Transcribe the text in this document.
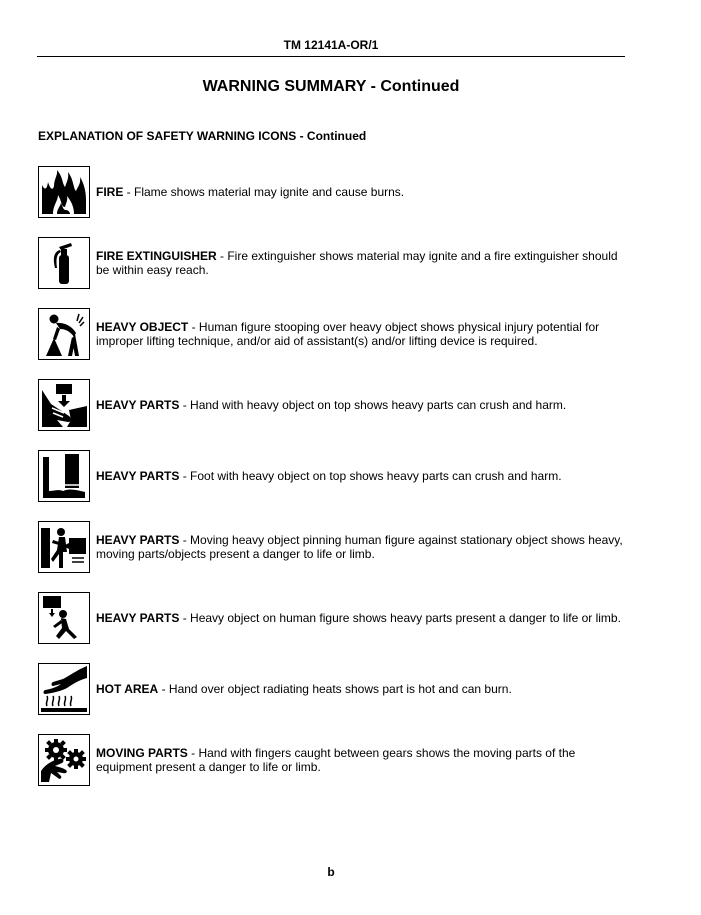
TM 12141A-OR/1
WARNING SUMMARY - Continued
EXPLANATION OF SAFETY WARNING ICONS - Continued

FIRE - Flame shows material may ignite and cause burns.

FIRE EXTINGUISHER - Fire extinguisher shows material may ignite and a fire extinguisher should be within easy reach.

HEAVY OBJECT - Human figure stooping over heavy object shows physical injury potential for improper lifting technique, and/or aid of assistant(s) and/or lifting device is required.

HEAVY PARTS - Hand with heavy object on top shows heavy parts can crush and harm.

HEAVY PARTS - Foot with heavy object on top shows heavy parts can crush and harm.

HEAVY PARTS - Moving heavy object pinning human figure against stationary object shows heavy, moving parts/objects present a danger to life or limb.

HEAVY PARTS - Heavy object on human figure shows heavy parts present a danger to life or limb.

HOT AREA - Hand over object radiating heats shows part is hot and can burn.

MOVING PARTS - Hand with fingers caught between gears shows the moving parts of the equipment present a danger to life or limb.

b
